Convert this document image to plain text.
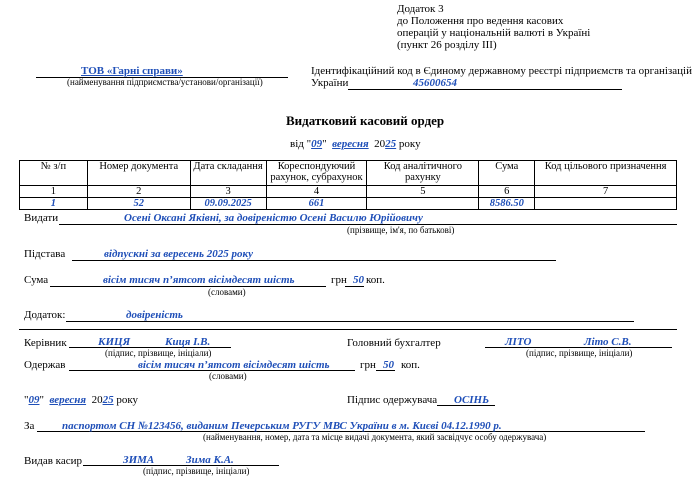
Додаток 3
до Положення про ведення касових
операцій у національній валюті в Україні
(пункт 26 розділу ІІІ)
ТОВ «Гарні справи»
(найменування підприємства/установи/організації)
Ідентифікаційний код в Єдиному державному реєстрі підприємств та організацій
України	45600654
Видатковий касовий ордер
від "09"  вересня 2025 року
№ з/п	Номер документа	Дата складання	Кореспондуючий рахунок, субрахунок	Код аналітичного рахунку	Сума	Код цільового призначення
1	2	3	4	5	6	7
1	52	09.09.2025	661		8586.50	
Видати	Осені Оксані Яківні, за довіреністю Осені Василю Юрійовичу
(прізвище, ім'я, по батькові)
Підстава	відпускні за вересень 2025 року
Сума	вісім тисяч п’ятсот вісімдесят шість
(словами)
грн 50 коп.
Додаток:	довіреність
Керівник	КИЦЯ	Киця І.В.
(підпис, прізвище, ініціали)
Головний бухгалтер	ЛІТО	Літо С.В.
(підпис, прізвище, ініціали)
Одержав	вісім тисяч п’ятсот вісімдесят шість
(словами)
грн 50 коп.
"09" вересня 2025 року	Підпис одержувача ОСІНЬ
За	паспортом СН №123456, виданим Печерським РУГУ МВС України в м. Києві 04.12.1990 р.
(найменування, номер, дата та місце видачі документа, який засвідчує особу одержувача)
Видав касир	ЗИМА	Зима К.А.
(підпис, прізвище, ініціали)
